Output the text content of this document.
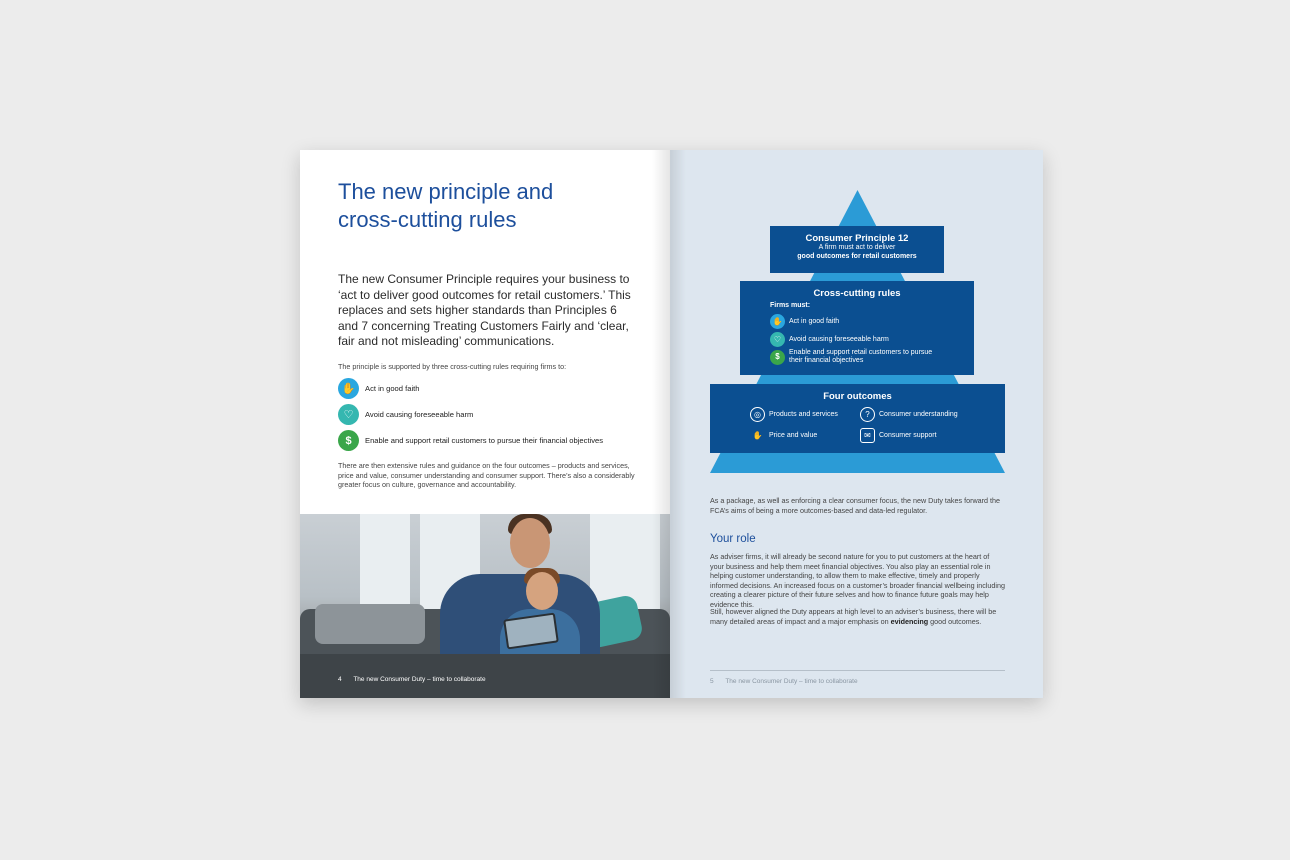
The new principle and
cross-cutting rules

The new Consumer Principle requires your business to ‘act to deliver good outcomes for retail customers.’ This replaces and sets higher standards than Principles 6 and 7 concerning Treating Customers Fairly and ‘clear, fair and not misleading’ communications.

The principle is supported by three cross-cutting rules requiring firms to:

✋	Act in good faith
♡	Avoid causing foreseeable harm
$	Enable and support retail customers to pursue their financial objectives

There are then extensive rules and guidance on the four outcomes – products and services, price and value, consumer understanding and consumer support. There’s also a considerably greater focus on culture, governance and accountability.

4 The new Consumer Duty – time to collaborate
Consumer Principle 12
A firm must act to deliver
good outcomes for retail customers
Cross-cutting rules
Firms must:
✋ Act in good faith
♡	Avoid causing foreseeable harm
$	Enable and support retail customers to pursue
their financial objectives
Four outcomes
◎	Products and services	?	Consumer understanding
✋ Price and value	✉	Consumer support

As a package, as well as enforcing a clear consumer focus, the new Duty takes forward the FCA’s aims of being a more outcomes-based and data-led regulator.

Your role

As adviser firms, it will already be second nature for you to put customers at the heart of your business and help them meet financial objectives. You also play an essential role in helping customer understanding, to allow them to make effective, timely and properly informed decisions. An increased focus on a customer’s broader financial wellbeing including creating a clearer picture of their future selves and how to finance future goals may help evidence this.

Still, however aligned the Duty appears at high level to an adviser’s business, there will be many detailed areas of impact and a major emphasis on evidencing good outcomes.

5 The new Consumer Duty – time to collaborate
